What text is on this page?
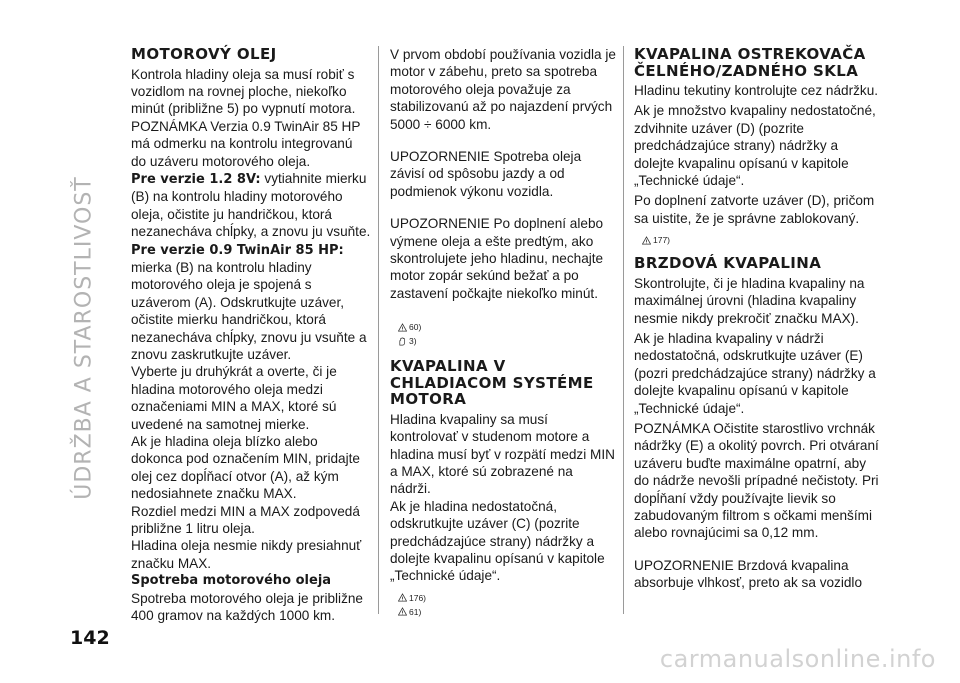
ÚDRŽBA A STAROSTLIVOSŤ
142
MOTOROVÝ OLEJ

Kontrola hladiny oleja sa musí robiť s vozidlom na rovnej ploche, niekoľko minút (približne 5) po vypnutí motora.

POZNÁMKA Verzia 0.9 TwinAir 85 HP má odmerku na kontrolu integrovanú do uzáveru motorového oleja.

Pre verzie 1.2 8V: vytiahnite mierku (B) na kontrolu hladiny motorového oleja, očistite ju handričkou, ktorá nezanecháva chĺpky, a znovu ju vsuňte.

Pre verzie 0.9 TwinAir 85 HP: mierka (B) na kontrolu hladiny motorového oleja je spojená s uzáverom (A). Odskrutkujte uzáver, očistite mierku handričkou, ktorá nezanecháva chĺpky, znovu ju vsuňte a znovu zaskrutkujte uzáver.

Vyberte ju druhýkrát a overte, či je hladina motorového oleja medzi označeniami MIN a MAX, ktoré sú uvedené na samotnej mierke.

Ak je hladina oleja blízko alebo dokonca pod označením MIN, pridajte olej cez dopĺňací otvor (A), až kým nedosiahnete značku MAX.

Rozdiel medzi MIN a MAX zodpovedá približne 1 litru oleja.

Hladina oleja nesmie nikdy presiahnuť značku MAX.

Spotreba motorového oleja

Spotreba motorového oleja je približne 400 gramov na každých 1000 km.

V prvom období používania vozidla je motor v zábehu, preto sa spotreba motorového oleja považuje za stabilizovanú až po najazdení prvých 5000 ÷ 6000 km.

UPOZORNENIE Spotreba oleja závisí od spôsobu jazdy a od podmienok výkonu vozidla.

UPOZORNENIE Po doplnení alebo výmene oleja a ešte predtým, ako skontrolujete jeho hladinu, nechajte motor zopár sekúnd bežať a po zastavení počkajte niekoľko minút.

60)
3)
KVAPALINA V CHLADIACOM SYSTÉME MOTORA

Hladina kvapaliny sa musí kontrolovať v studenom motore a hladina musí byť v rozpätí medzi MIN a MAX, ktoré sú zobrazené na nádrži.

Ak je hladina nedostatočná, odskrutkujte uzáver (C) (pozrite predchádzajúce strany) nádržky a dolejte kvapalinu opísanú v kapitole „Technické údaje“.

176)
61)
KVAPALINA OSTREKOVAČA ČELNÉHO/ZADNÉHO SKLA

Hladinu tekutiny kontrolujte cez nádržku.

Ak je množstvo kvapaliny nedostatočné, zdvihnite uzáver (D) (pozrite predchádzajúce strany) nádržky a dolejte kvapalinu opísanú v kapitole „Technické údaje“.

Po doplnení zatvorte uzáver (D), pričom sa uistite, že je správne zablokovaný.

177)
BRZDOVÁ KVAPALINA

Skontrolujte, či je hladina kvapaliny na maximálnej úrovni (hladina kvapaliny nesmie nikdy prekročiť značku MAX).

Ak je hladina kvapaliny v nádrži nedostatočná, odskrutkujte uzáver (E) (pozri predchádzajúce strany) nádržky a dolejte kvapalinu opísanú v kapitole „Technické údaje“.

POZNÁMKA Očistite starostlivo vrchnák nádržky (E) a okolitý povrch. Pri otváraní uzáveru buďte maximálne opatrní, aby do nádrže nevošli prípadné nečistoty. Pri dopĺňaní vždy používajte lievik so zabudovaným filtrom s očkami menšími alebo rovnajúcimi sa 0,12 mm.

UPOZORNENIE Brzdová kvapalina absorbuje vlhkosť, preto ak sa vozidlo

carmanualsonline.info
